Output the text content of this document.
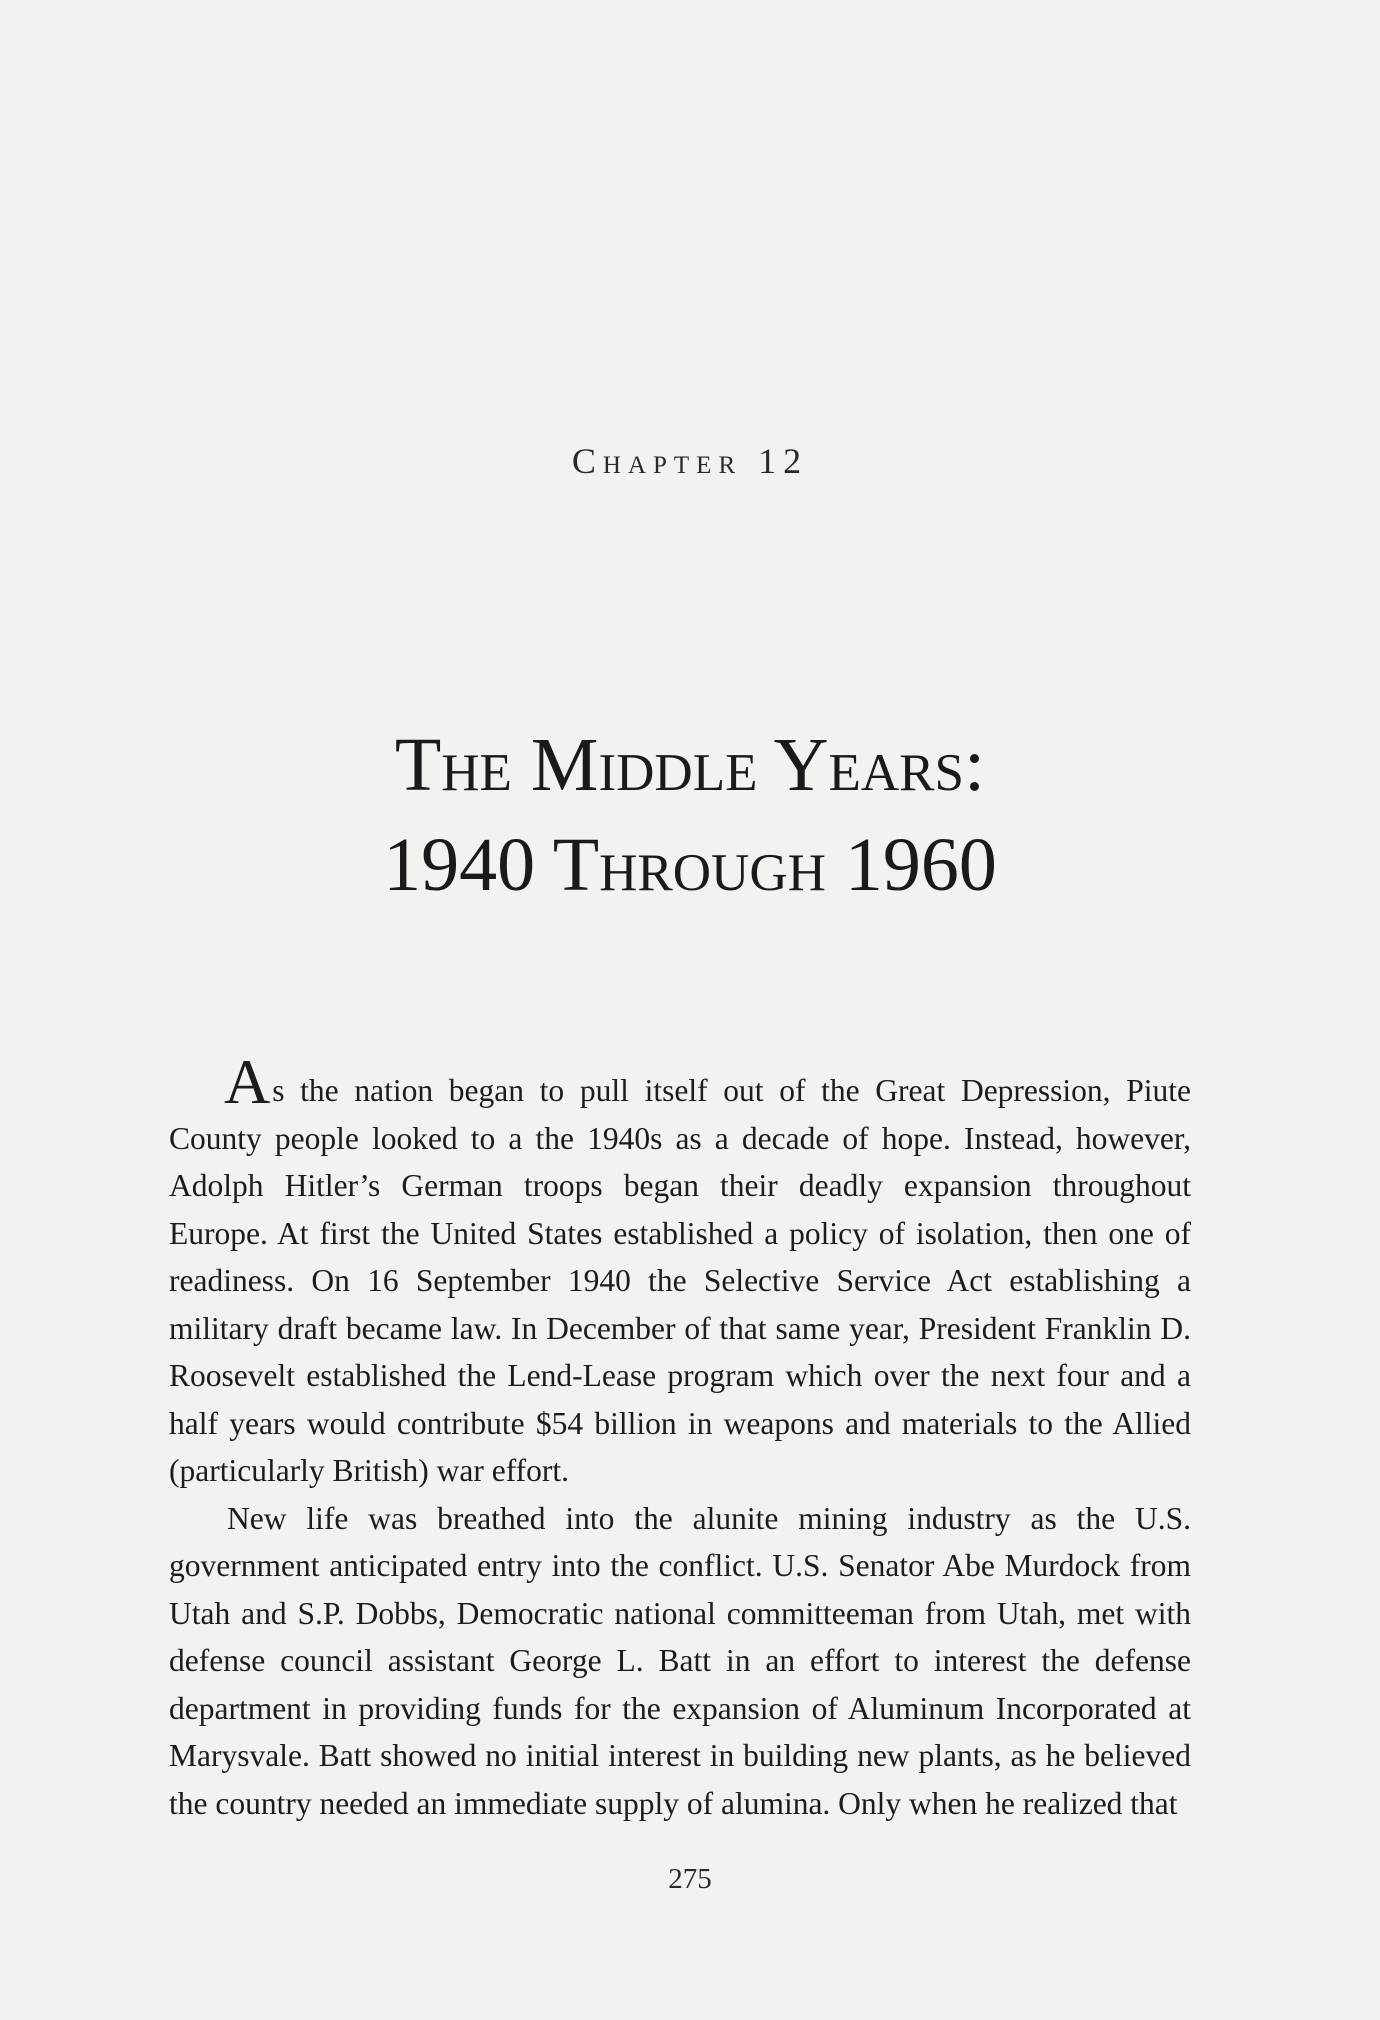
Chapter 12
The Middle Years:
1940 Through 1960

As the nation began to pull itself out of the Great Depression, Piute County people looked to a the 1940s as a decade of hope. Instead, however, Adolph Hitler’s German troops began their deadly expansion throughout Europe. At first the United States established a policy of isolation, then one of readiness. On 16 September 1940 the Selective Service Act establishing a military draft became law. In December of that same year, President Franklin D. Roosevelt established the Lend-Lease program which over the next four and a half years would contribute $54 billion in weapons and materials to the Allied (particularly British) war effort.

New life was breathed into the alunite mining industry as the U.S. government anticipated entry into the conflict. U.S. Senator Abe Murdock from Utah and S.P. Dobbs, Democratic national committeeman from Utah, met with defense council assistant George L. Batt in an effort to interest the defense department in providing funds for the expansion of Aluminum Incorporated at Marysvale. Batt showed no initial interest in building new plants, as he believed the country needed an immediate supply of alumina. Only when he realized that

275
